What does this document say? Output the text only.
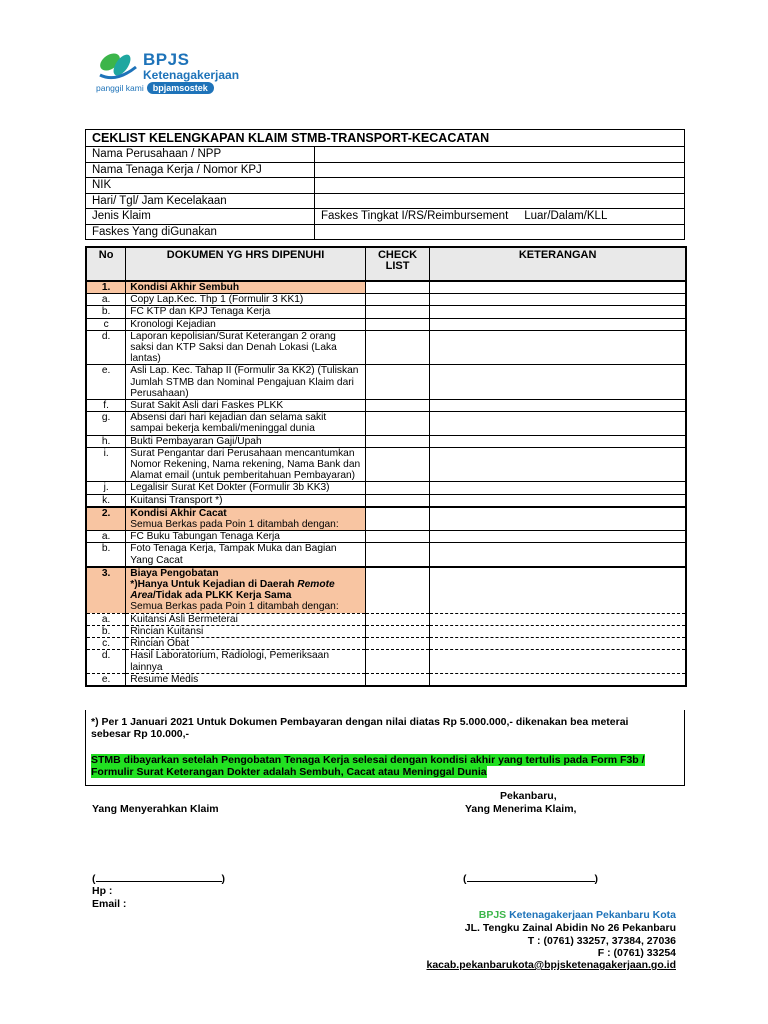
BPJS
Ketenagakerjaan
panggil kami	bpjamsostek
CEKLIST KELENGKAPAN KLAIM STMB-TRANSPORT-KECACATAN	
Nama Perusahaan / NPP	
Nama Tenaga Kerja / Nomor KPJ	
NIK	
Hari/ Tgl/ Jam Kecelakaan	
Jenis Klaim	Faskes Tingkat I/RS/Reimbursement     Luar/Dalam/KLL
Faskes Yang diGunakan	
No	DOKUMEN YG HRS DIPENUHI	CHECK LIST	KETERANGAN
1.	Kondisi Akhir Sembuh		
a.	Copy Lap.Kec. Thp 1 (Formulir 3 KK1)		
b.	FC KTP dan KPJ Tenaga Kerja		
c	Kronologi Kejadian		
d.	Laporan kepolisian/Surat Keterangan 2 orang saksi dan KTP Saksi dan Denah Lokasi (Laka lantas)		
e.	Asli Lap. Kec. Tahap II (Formulir 3a KK2) (Tuliskan Jumlah STMB dan Nominal Pengajuan Klaim dari Perusahaan)		
f.	Surat Sakit Asli dari Faskes PLKK		
g.	Absensi dari hari kejadian dan selama sakit sampai bekerja kembali/meninggal dunia		
h.	Bukti Pembayaran Gaji/Upah		
i.	Surat Pengantar dari Perusahaan mencantumkan Nomor Rekening, Nama rekening, Nama Bank dan Alamat email (untuk pemberitahuan Pembayaran)		
j.	Legalisir Surat Ket Dokter (Formulir 3b KK3)		
k.	Kuitansi Transport *)		
2.	Kondisi Akhir Cacat
Semua Berkas pada Poin 1 ditambah dengan:		
a.	FC Buku Tabungan Tenaga Kerja		
b.	Foto Tenaga Kerja, Tampak Muka dan Bagian Yang Cacat		
3.	Biaya Pengobatan
*)Hanya Untuk Kejadian di Daerah Remote Area/Tidak ada PLKK Kerja Sama
Semua Berkas pada Poin 1 ditambah dengan:		
a.	Kuitansi Asli Bermeterai		
b.	Rincian Kuitansi		
c.	Rincian Obat		
d.	Hasil Laboratorium, Radiologi, Pemeriksaan lainnya		
e.	Resume Medis		
*) Per 1 Januari 2021 Untuk Dokumen Pembayaran dengan nilai diatas Rp 5.000.000,- dikenakan bea meterai sebesar Rp 10.000,-
STMB dibayarkan setelah Pengobatan Tenaga Kerja selesai dengan kondisi akhir yang tertulis pada Form F3b / Formulir Surat Keterangan Dokter adalah Sembuh, Cacat atau Meninggal Dunia
Pekanbaru,
Yang Menyerahkan Klaim	Yang Menerima Klaim,
(	)	(	)
Hp :
Email :
BPJS Ketenagakerjaan Pekanbaru Kota
JL. Tengku Zainal Abidin No 26 Pekanbaru
T : (0761) 33257, 37384, 27036
F : (0761) 33254
kacab.pekanbarukota@bpjsketenagakerjaan.go.id
